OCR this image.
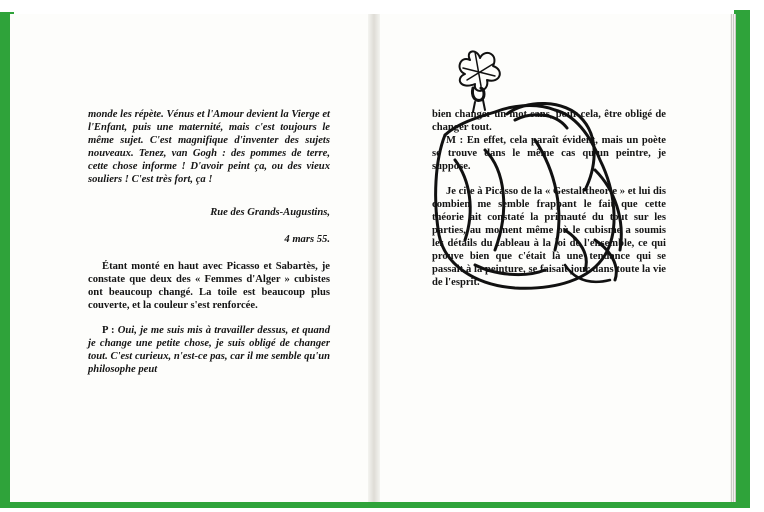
monde les répète. Vénus et l'Amour devient la Vierge et l'Enfant, puis une maternité, mais c'est toujours le même sujet. C'est magnifique d'inventer des sujets nouveaux. Tenez, van Gogh : des pommes de terre, cette chose informe ! D'avoir peint ça, ou des vieux souliers ! C'est très fort, ça !

Rue des Grands-Augustins,
4 mars 55.

Étant monté en haut avec Picasso et Sabartès, je constate que deux des « Femmes d'Alger » cubistes ont beaucoup changé. La toile est beaucoup plus couverte, et la couleur s'est renforcée.

P : Oui, je me suis mis à travailler dessus, et quand je change une petite chose, je suis obligé de changer tout. C'est curieux, n'est-ce pas, car il me semble qu'un philosophe peut

bien changer un mot sans, pour cela, être obligé de changer tout.

M : En effet, cela paraît évident, mais un poète se trouve dans le même cas qu'un peintre, je suppose.

Je cite à Picasso de la « Gestalttheorie » et lui dis combien me semble frappant le fait que cette théorie ait constaté la primauté du tout sur les parties, au moment même où le cubisme a soumis les détails du tableau à la loi de l'ensemble, ce qui prouve bien que c'était là une tendance qui se passait à la peinture, se faisait jour dans toute la vie de l'esprit.
